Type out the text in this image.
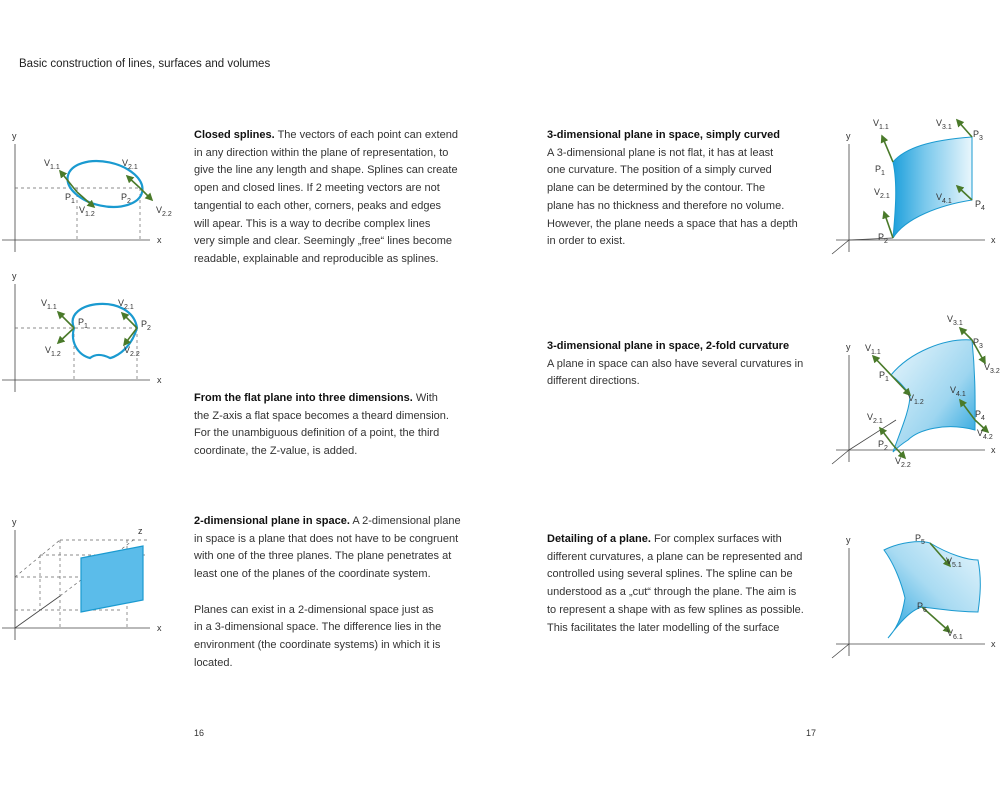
Basic construction of lines, surfaces and volumes
Closed splines. The vectors of each point can extend
in any direction within the plane of representation, to
give the line any length and shape. Splines can create
open and closed lines. If 2 meeting vectors are not
tangential to each other, corners, peaks and edges
will apear. This is a way to decribe complex lines
very simple and clear. Seemingly „free“ lines become
readable, explainable and reproducible as splines.
From the flat plane into three dimensions. With
the Z-axis a flat space becomes a theard dimension.
For the unambiguous definition of a point, the third
coordinate, the Z-value, is added.
2-dimensional plane in space. A 2-dimensional plane
in space is a plane that does not have to be congruent
with one of the three planes. The plane penetrates at
least one of the planes of the coordinate system.
Planes can exist in a 2-dimensional space just as
in a 3-dimensional space. The difference lies in the
environment (the coordinate systems) in which it is
located.
16
3-dimensional plane in space, simply curved
A 3-dimensional plane is not flat, it has at least
one curvature. The position of a simply curved
plane can be determined by the contour. The
plane has no thickness and therefore no volume.
However, the plane needs a space that has a depth
in order to exist.
3-dimensional plane in space, 2-fold curvature
A plane in space can also have several curvatures in
different directions.
Detailing of a plane. For complex surfaces with
different curvatures, a plane can be represented and
controlled using several splines. The spline can be
understood as a „cut“ through the plane. The aim is
to represent a shape with as few splines as possible.
This facilitates the later modelling of the surface
17
y
x
$V_{1.1}$	$V_{2.1}$
$P_1$	$P_2$
$V_{1.2}$	$V_{2.2}$
y
x
$V_{1.1}$	$V_{2.1}$
$P_1$	$P_2$
$V_{1.2}$	$V_{2.2}$
y
x
z
y
x
$V_{1.1}$	$V_{3.1}$
$P_3$
$P_1$
$V_{2.1}$	$V_{4.1}$	$P_4$
$P_2$
y
x
$V_{3.1}$
$P_3$
$V_{1.1}$
$V_{3.2}$
$P_1$
$V_{4.1}$
$V_{1.2}$
$P_4$
$V_{2.1}$
$V_{4.2}$
$P_2$
$V_{2.2}$
y
x
$P_5$
$V_{5.1}$
$P_6$
$V_{6.1}$
